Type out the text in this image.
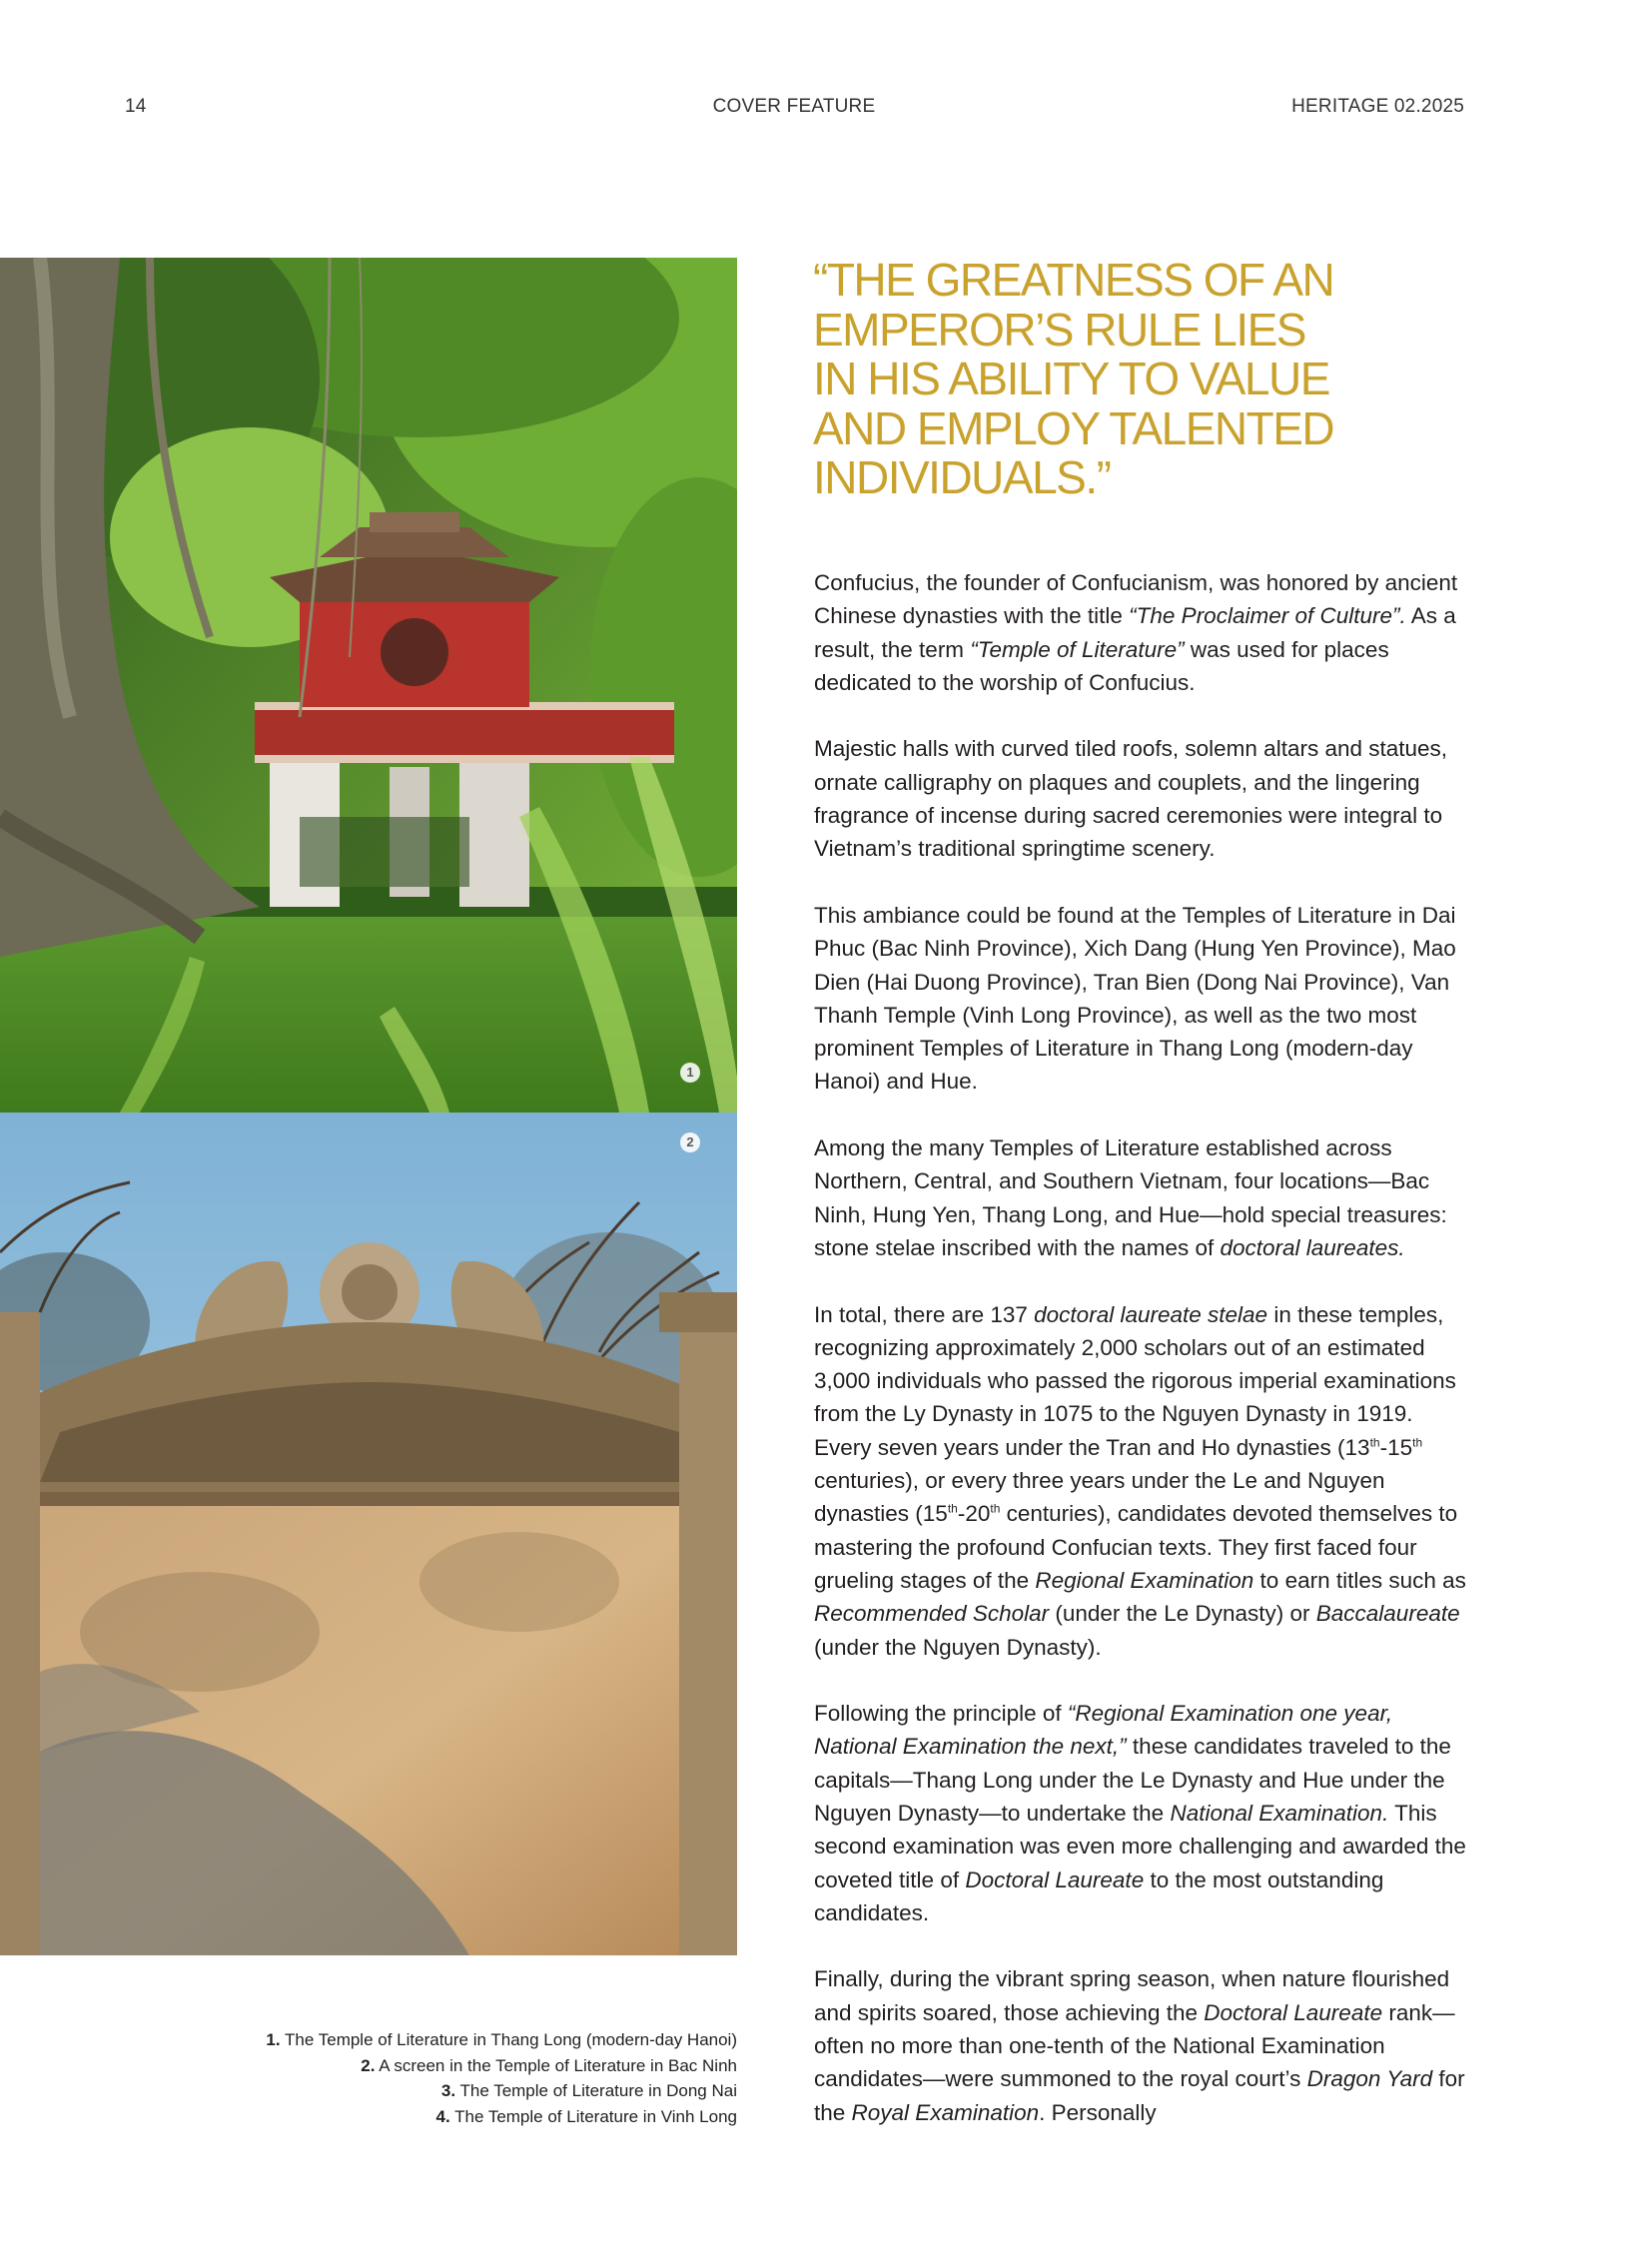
14	COVER FEATURE	HERITAGE 02.2025
1
2
1. The Temple of Literature in Thang Long (modern-day Hanoi)
2. A screen in the Temple of Literature in Bac Ninh
3. The Temple of Literature in Dong Nai
4. The Temple of Literature in Vinh Long
“THE GREATNESS OF AN
EMPEROR’S RULE LIES
IN HIS ABILITY TO VALUE
AND EMPLOY TALENTED
INDIVIDUALS.”

Confucius, the founder of Confucianism, was honored by ancient Chinese dynasties with the title “The Proclaimer of Culture”. As a result, the term “Temple of Literature” was used for places dedicated to the worship of Confucius.

Majestic halls with curved tiled roofs, solemn altars and statues, ornate calligraphy on plaques and couplets, and the lingering fragrance of incense during sacred ceremonies were integral to Vietnam’s traditional springtime scenery.

This ambiance could be found at the Temples of Literature in Dai Phuc (Bac Ninh Province), Xich Dang (Hung Yen Province), Mao Dien (Hai Duong Province), Tran Bien (Dong Nai Province), Van Thanh Temple (Vinh Long Province), as well as the two most prominent Temples of Literature in Thang Long (modern-day Hanoi) and Hue.

Among the many Temples of Literature established across Northern, Central, and Southern Vietnam, four locations—Bac Ninh, Hung Yen, Thang Long, and Hue—hold special treasures: stone stelae inscribed with the names of doctoral laureates.

In total, there are 137 doctoral laureate stelae in these temples, recognizing approximately 2,000 scholars out of an estimated 3,000 individuals who passed the rigorous imperial examinations from the Ly Dynasty in 1075 to the Nguyen Dynasty in 1919. Every seven years under the Tran and Ho dynasties (13th-15th centuries), or every three years under the Le and Nguyen dynasties (15th-20th centuries), candidates devoted themselves to mastering the profound Confucian texts. They first faced four grueling stages of the Regional Examination to earn titles such as Recommended Scholar (under the Le Dynasty) or Baccalaureate (under the Nguyen Dynasty).

Following the principle of “Regional Examination one year, National Examination the next,” these candidates traveled to the capitals—Thang Long under the Le Dynasty and Hue under the Nguyen Dynasty—to undertake the National Examination. This second examination was even more challenging and awarded the coveted title of Doctoral Laureate to the most outstanding candidates.

Finally, during the vibrant spring season, when nature flourished and spirits soared, those achieving the Doctoral Laureate rank—often no more than one-tenth of the National Examination candidates—were summoned to the royal court’s Dragon Yard for the Royal Examination. Personally
